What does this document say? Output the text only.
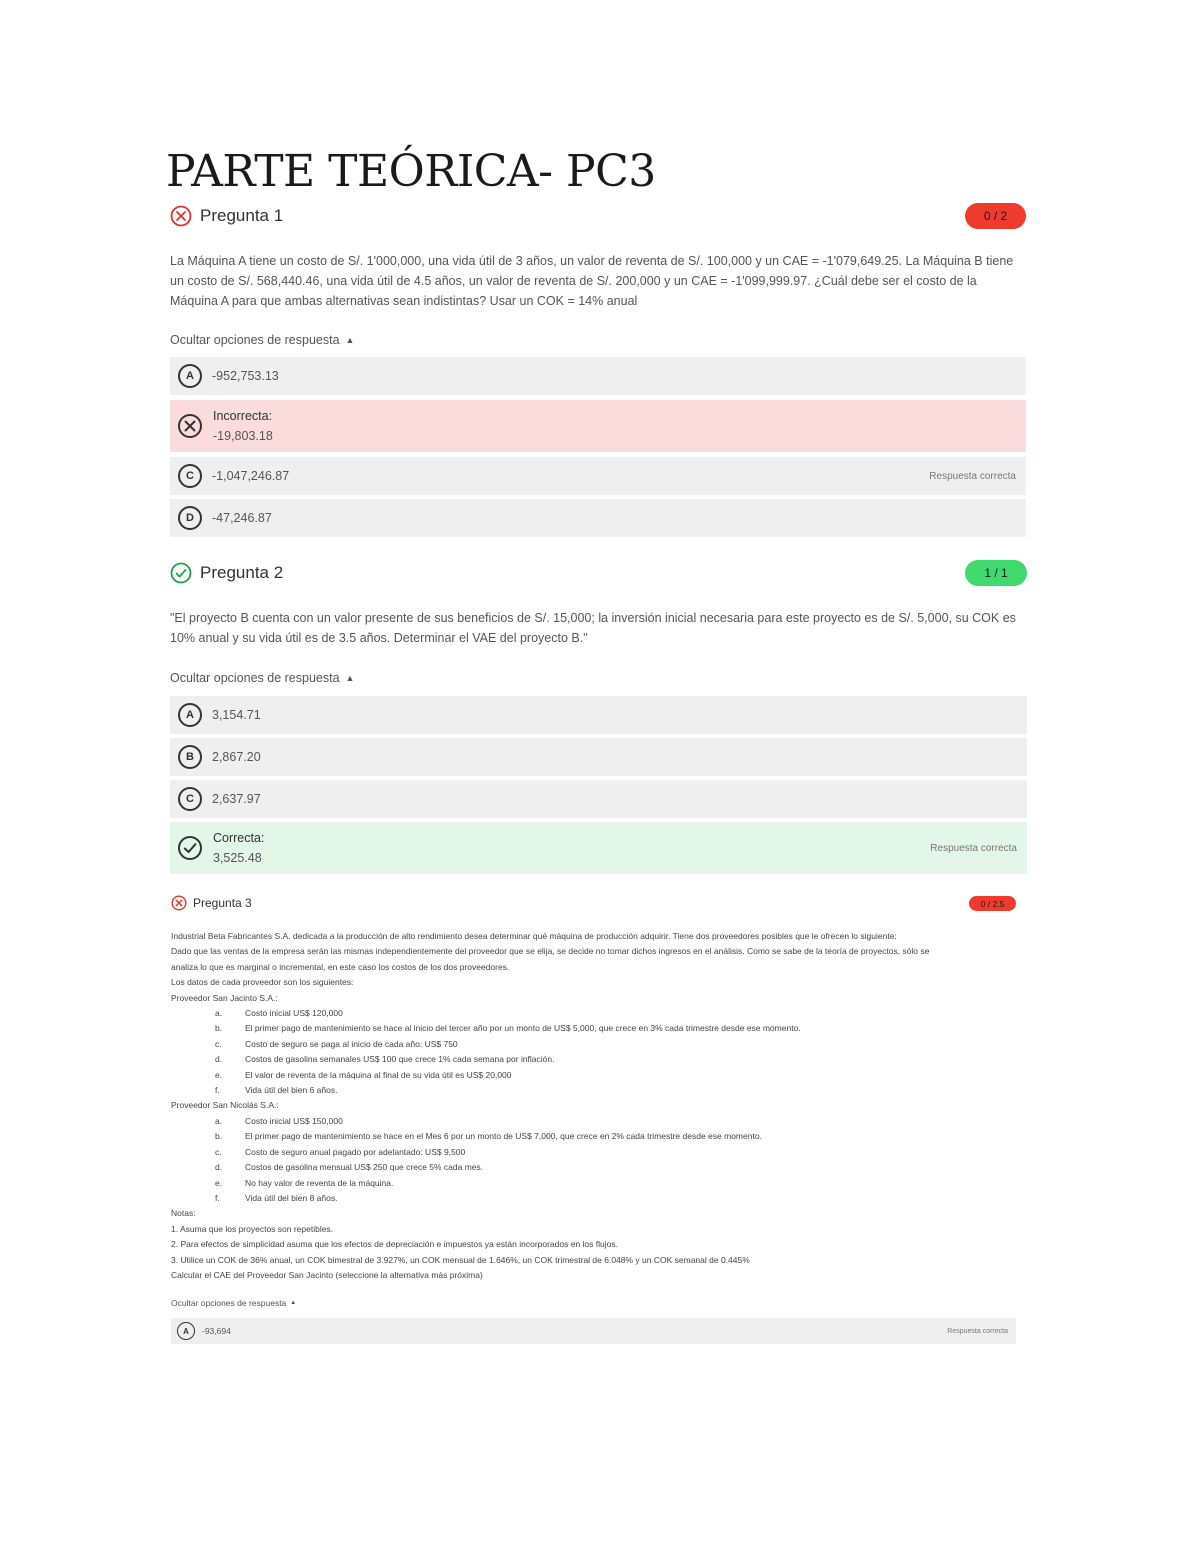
PARTE TEÓRICA- PC3
Pregunta 1	0 / 2
La Máquina A tiene un costo de S/. 1'000,000, una vida útil de 3 años, un valor de reventa de S/. 100,000 y un CAE = -1'079,649.25. La Máquina B tiene un costo de S/. 568,440.46, una vida útil de 4.5 años, un valor de reventa de S/. 200,000 y un CAE = -1'099,999.97. ¿Cuál debe ser el costo de la Máquina A para que ambas alternativas sean indistintas? Usar un COK = 14% anual
Ocultar opciones de respuesta ▲
A	-952,753.13
Incorrecta:
-19,803.18
C	-1,047,246.87	Respuesta correcta
D	-47,246.87
Pregunta 2	1 / 1
"El proyecto B cuenta con un valor presente de sus beneficios de S/. 15,000; la inversión inicial necesaria para este proyecto es de S/. 5,000, su COK es 10% anual y su vida útil es de 3.5 años. Determinar el VAE del proyecto B."
Ocultar opciones de respuesta ▲
A	3,154.71
B	2,867.20
C	2,637.97
Correcta:
3,525.48
Respuesta correcta
Pregunta 3	0 / 2.5
Industrial Beta Fabricantes S.A. dedicada a la producción de alto rendimiento desea determinar qué máquina de producción adquirir. Tiene dos proveedores posibles que le ofrecen lo siguiente:
Dado que las ventas de la empresa serán las mismas independientemente del proveedor que se elija, se decide no tomar dichos ingresos en el análisis. Como se sabe de la teoría de proyectos, sólo se
analiza lo que es marginal o incremental, en este caso los costos de los dos proveedores.
Los datos de cada proveedor son los siguientes:
Proveedor San Jacinto S.A.:
a.	Costo inicial US$ 120,000
b.	El primer pago de mantenimiento se hace al inicio del tercer año por un monto de US$ 5,000, que crece en 3% cada trimestre desde ese momento.
c.	Costo de seguro se paga al inicio de cada año: US$ 750
d.	Costos de gasolina semanales US$ 100 que crece 1% cada semana por inflación.
e.	El valor de reventa de la máquina al final de su vida útil es US$ 20,000
f.	Vida útil del bien 6 años.
Proveedor San Nicolás S.A.:
a.	Costo inicial US$ 150,000
b.	El primer pago de mantenimiento se hace en el Mes 6 por un monto de US$ 7,000, que crece en 2% cada trimestre desde ese momento.
c.	Costo de seguro anual pagado por adelantado: US$ 9,500
d.	Costos de gasolina mensual US$ 250 que crece 5% cada mes.
e.	No hay valor de reventa de la máquina.
f.	Vida útil del bien 8 años.
Notas:
1. Asuma que los proyectos son repetibles.
2. Para efectos de simplicidad asuma que los efectos de depreciación e impuestos ya están incorporados en los flujos.
3. Utilice un COK de 36% anual, un COK bimestral de 3.927%, un COK mensual de 1.646%, un COK trimestral de 6.048% y un COK semanal de 0.445%
Calcular el CAE del Proveedor San Jacinto (seleccione la alternativa más próxima)
Ocultar opciones de respuesta ▲
A	-93,694	Respuesta correcta
